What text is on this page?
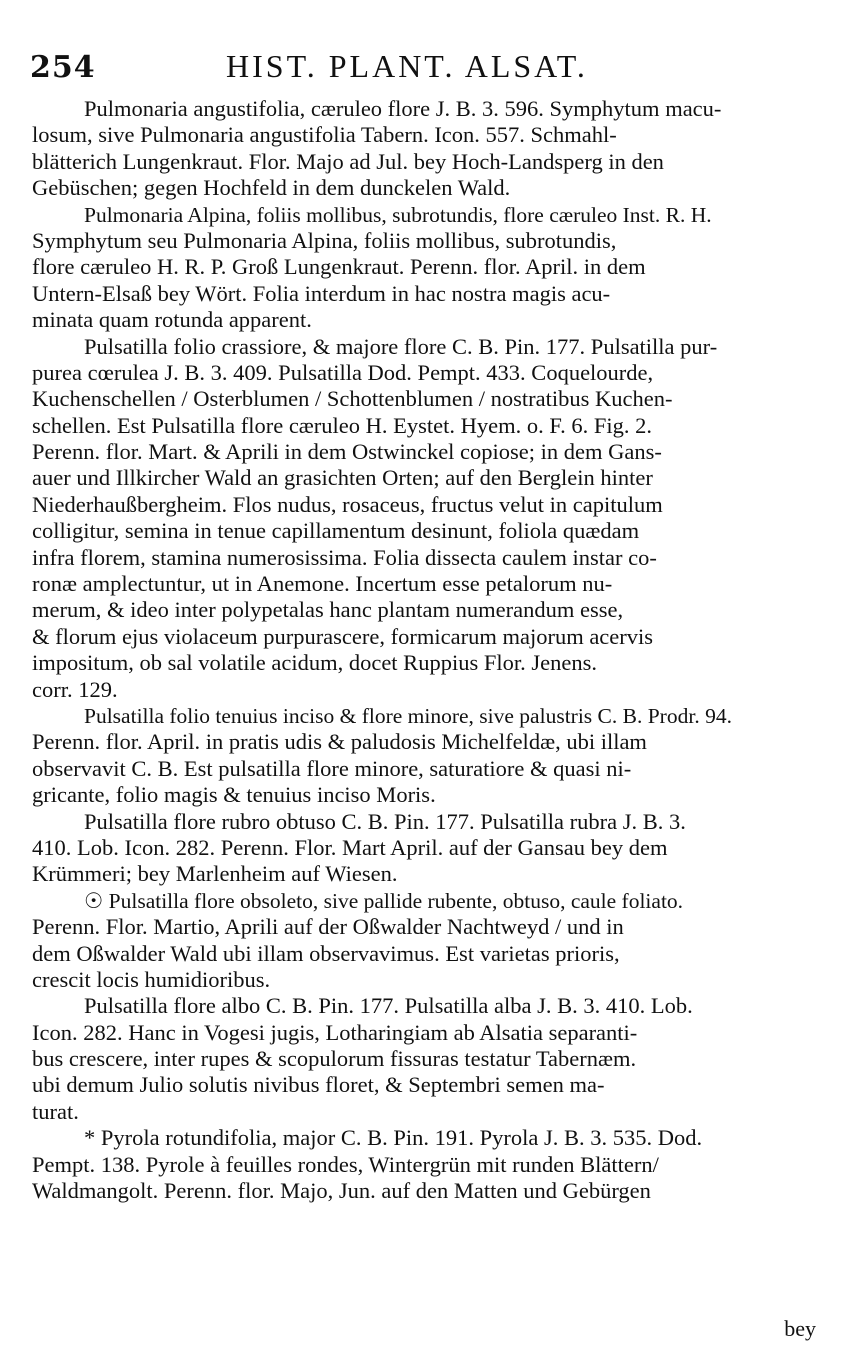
254	HIST. PLANT. ALSAT.
Pulmonaria angustifolia, cæruleo flore J. B. 3. 596. Symphytum macu-
losum, sive Pulmonaria angustifolia Tabern. Icon. 557. Schmahl-
blätterich Lungenkraut. Flor. Majo ad Jul. bey Hoch-Landsperg in den
Gebüschen; gegen Hochfeld in dem dunckelen Wald.
Pulmonaria Alpina, foliis mollibus, subrotundis, flore cæruleo Inst. R. H.
Symphytum seu Pulmonaria Alpina, foliis mollibus, subrotundis,
flore cæruleo H. R. P. Groß Lungenkraut. Perenn. flor. April. in dem
Untern-Elsaß bey Wört. Folia interdum in hac nostra magis acu-
minata quam rotunda apparent.
Pulsatilla folio crassiore, & majore flore C. B. Pin. 177. Pulsatilla pur-
purea cœrulea J. B. 3. 409. Pulsatilla Dod. Pempt. 433. Coquelourde,
Kuchenschellen / Osterblumen / Schottenblumen / nostratibus Kuchen-
schellen. Est Pulsatilla flore cæruleo H. Eystet. Hyem. o. F. 6. Fig. 2.
Perenn. flor. Mart. & Aprili in dem Ostwinckel copiose; in dem Gans-
auer und Illkircher Wald an grasichten Orten; auf den Berglein hinter
Niederhaußbergheim. Flos nudus, rosaceus, fructus velut in capitulum
colligitur, semina in tenue capillamentum desinunt, foliola quædam
infra florem, stamina numerosissima. Folia dissecta caulem instar co-
ronæ amplectuntur, ut in Anemone. Incertum esse petalorum nu-
merum, & ideo inter polypetalas hanc plantam numerandum esse,
& florum ejus violaceum purpurascere, formicarum majorum acervis
impositum, ob sal volatile acidum, docet Ruppius Flor. Jenens.
corr. 129.
Pulsatilla folio tenuius inciso & flore minore, sive palustris C. B. Prodr. 94.
Perenn. flor. April. in pratis udis & paludosis Michelfeldæ, ubi illam
observavit C. B. Est pulsatilla flore minore, saturatiore & quasi ni-
gricante, folio magis & tenuius inciso Moris.
Pulsatilla flore rubro obtuso C. B. Pin. 177. Pulsatilla rubra J. B. 3.
410. Lob. Icon. 282. Perenn. Flor. Mart April. auf der Gansau bey dem
Krümmeri; bey Marlenheim auf Wiesen.
☉ Pulsatilla flore obsoleto, sive pallide rubente, obtuso, caule foliato.
Perenn. Flor. Martio, Aprili auf der Oßwalder Nachtweyd / und in
dem Oßwalder Wald ubi illam observavimus. Est varietas prioris,
crescit locis humidioribus.
Pulsatilla flore albo C. B. Pin. 177. Pulsatilla alba J. B. 3. 410. Lob.
Icon. 282. Hanc in Vogesi jugis, Lotharingiam ab Alsatia separanti-
bus crescere, inter rupes & scopulorum fissuras testatur Tabernæm.
ubi demum Julio solutis nivibus floret, & Septembri semen ma-
turat.
* Pyrola rotundifolia, major C. B. Pin. 191. Pyrola J. B. 3. 535. Dod.
Pempt. 138. Pyrole à feuilles rondes, Wintergrün mit runden Blättern/
Waldmangolt. Perenn. flor. Majo, Jun. auf den Matten und Gebürgen
bey
